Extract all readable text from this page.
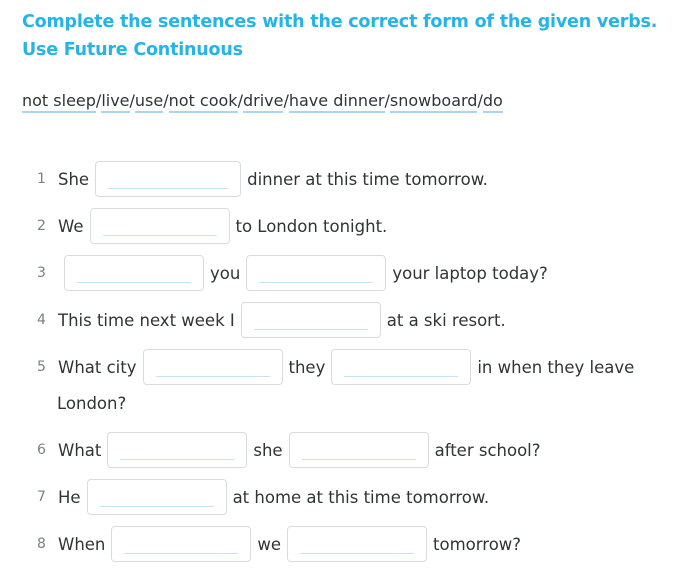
Complete the sentences with the correct form of the given verbs. Use Future Continuous
not sleep/live/use/not cook/drive/have dinner/snowboard/do
1 She	dinner at this time tomorrow.
2 We	to London tonight.
3	you	your laptop today?
4 This time next week I	at a ski resort.
5 What city	they	in when they leave
London?
6 What	she	after school?
7 He	at home at this time tomorrow.
8 When	we	tomorrow?
